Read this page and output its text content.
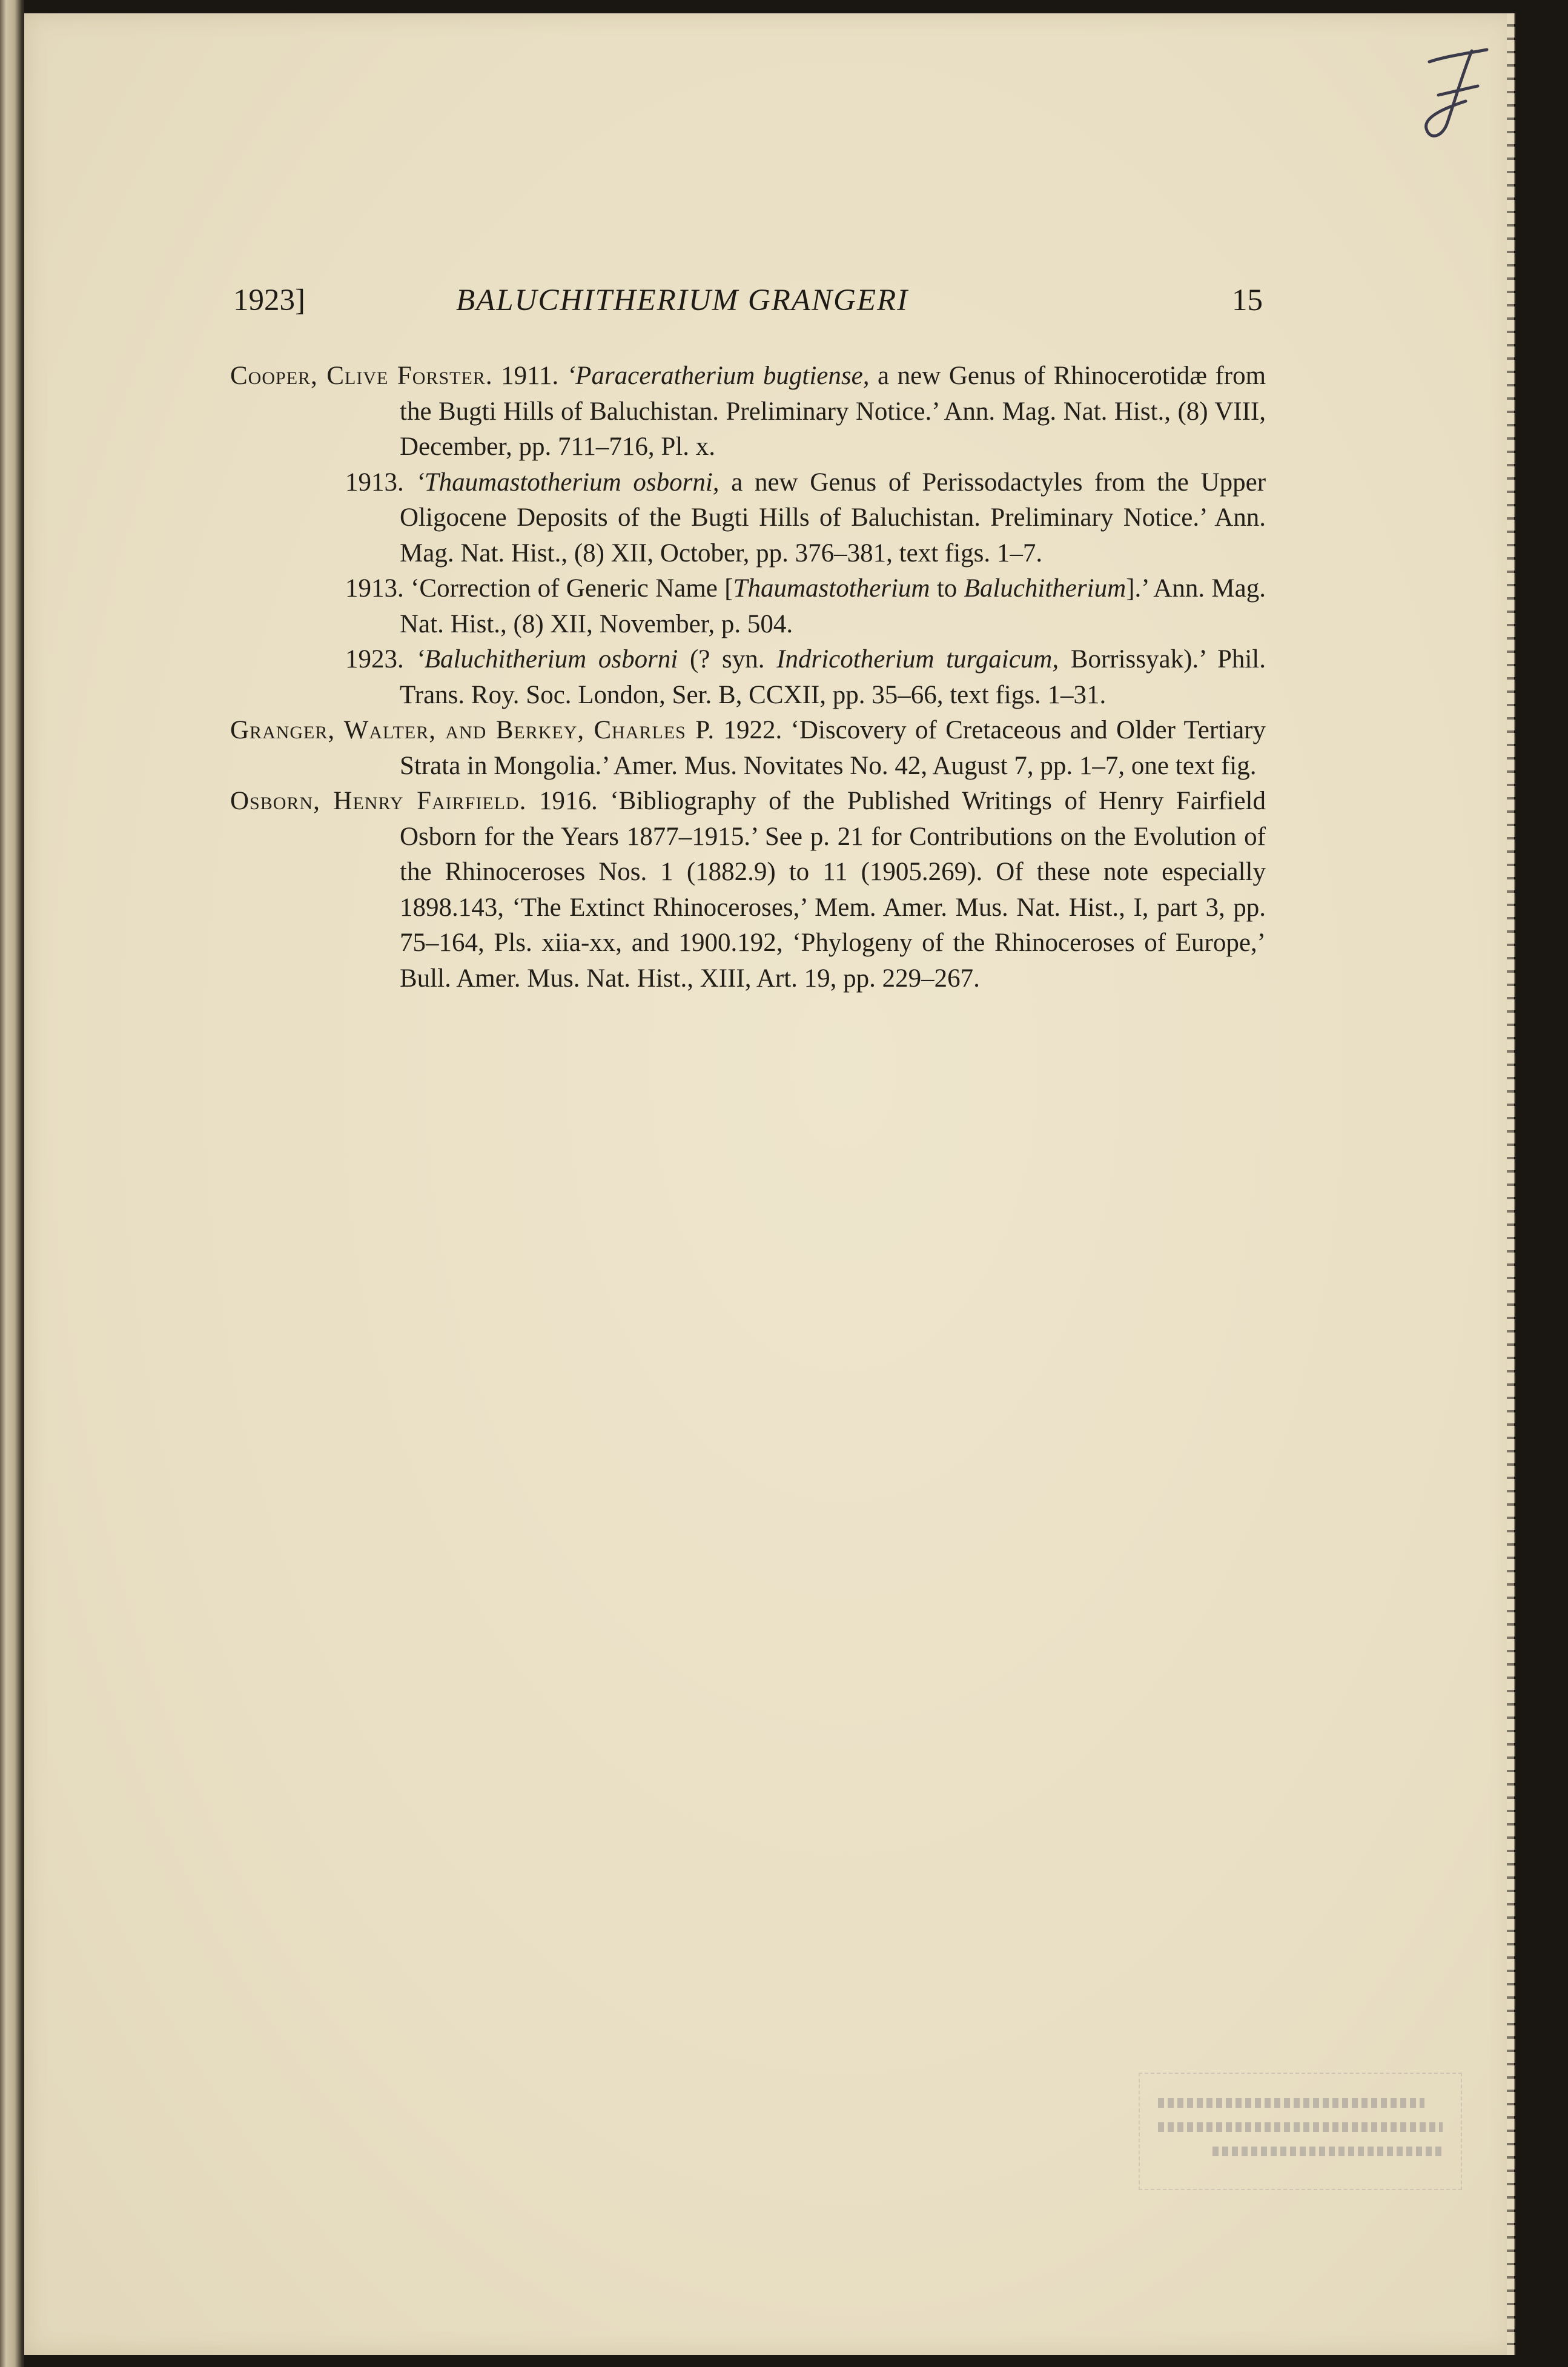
1923]	BALUCHITHERIUM GRANGERI	15

Cooper, Clive Forster. 1911. ‘Paraceratherium bugtiense, a new Genus of Rhinocerotidæ from the Bugti Hills of Baluchistan. Preliminary Notice.’ Ann. Mag. Nat. Hist., (8) VIII, December, pp. 711–716, Pl. x.

1913. ‘Thaumastotherium osborni, a new Genus of Perissodactyles from the Upper Oligocene Deposits of the Bugti Hills of Baluchistan. Preliminary Notice.’ Ann. Mag. Nat. Hist., (8) XII, October, pp. 376–381, text figs. 1–7.

1913. ‘Correction of Generic Name [Thaumastotherium to Baluchitherium].’ Ann. Mag. Nat. Hist., (8) XII, November, p. 504.

1923. ‘Baluchitherium osborni (? syn. Indricotherium turgaicum, Borrissyak).’ Phil. Trans. Roy. Soc. London, Ser. B, CCXII, pp. 35–66, text figs. 1–31.

Granger, Walter, and Berkey, Charles P. 1922. ‘Discovery of Cretaceous and Older Tertiary Strata in Mongolia.’ Amer. Mus. Novitates No. 42, August 7, pp. 1–7, one text fig.

Osborn, Henry Fairfield. 1916. ‘Bibliography of the Published Writings of Henry Fairfield Osborn for the Years 1877–1915.’ See p. 21 for Contributions on the Evolution of the Rhinoceroses Nos. 1 (1882.9) to 11 (1905.269). Of these note especially 1898.143, ‘The Extinct Rhinoceroses,’ Mem. Amer. Mus. Nat. Hist., I, part 3, pp. 75–164, Pls. xiia-xx, and 1900.192, ‘Phylogeny of the Rhinoceroses of Europe,’ Bull. Amer. Mus. Nat. Hist., XIII, Art. 19, pp. 229–267.
